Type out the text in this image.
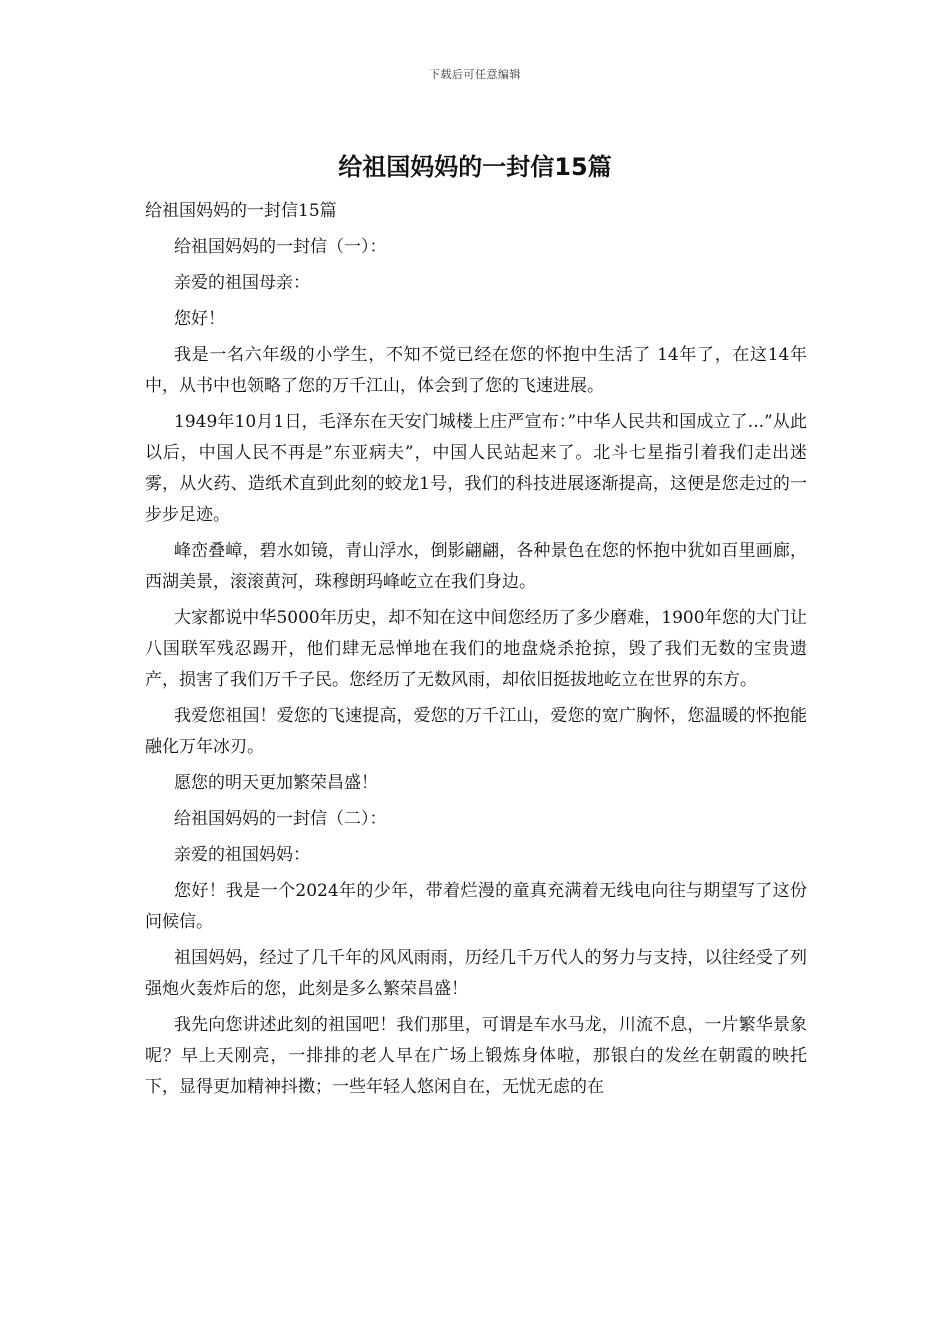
下载后可任意编辑
给祖国妈妈的一封信15篇

给祖国妈妈的一封信15篇

给祖国妈妈的一封信（一）：

亲爱的祖国母亲：

您好！

我是一名六年级的小学生，不知不觉已经在您的怀抱中生活了 14年了，在这14年中，从书中也领略了您的万千江山，体会到了您的飞速进展。

1949年10月1日，毛泽东在天安门城楼上庄严宣布：”中华人民共和国成立了...”从此以后，中国人民不再是”东亚病夫”，中国人民站起来了。北斗七星指引着我们走出迷雾，从火药、造纸术直到此刻的蛟龙1号，我们的科技进展逐渐提高，这便是您走过的一步步足迹。

峰峦叠嶂，碧水如镜，青山浮水，倒影翩翩，各种景色在您的怀抱中犹如百里画廊，西湖美景，滚滚黄河，珠穆朗玛峰屹立在我们身边。

大家都说中华5000年历史，却不知在这中间您经历了多少磨难，1900年您的大门让八国联军残忍踢开，他们肆无忌惮地在我们的地盘烧杀抢掠，毁了我们无数的宝贵遗产，损害了我们万千子民。您经历了无数风雨，却依旧挺拔地屹立在世界的东方。

我爱您祖国！爱您的飞速提高，爱您的万千江山，爱您的宽广胸怀，您温暖的怀抱能融化万年冰刃。

愿您的明天更加繁荣昌盛！

给祖国妈妈的一封信（二）：

亲爱的祖国妈妈：

您好！我是一个2024年的少年，带着烂漫的童真充满着无线电向往与期望写了这份问候信。

祖国妈妈，经过了几千年的风风雨雨，历经几千万代人的努力与支持，以往经受了列强炮火轰炸后的您，此刻是多么繁荣昌盛！

我先向您讲述此刻的祖国吧！我们那里，可谓是车水马龙，川流不息，一片繁华景象呢？早上天刚亮，一排排的老人早在广场上锻炼身体啦，那银白的发丝在朝霞的映托下，显得更加精神抖擞；一些年轻人悠闲自在，无忧无虑的在
